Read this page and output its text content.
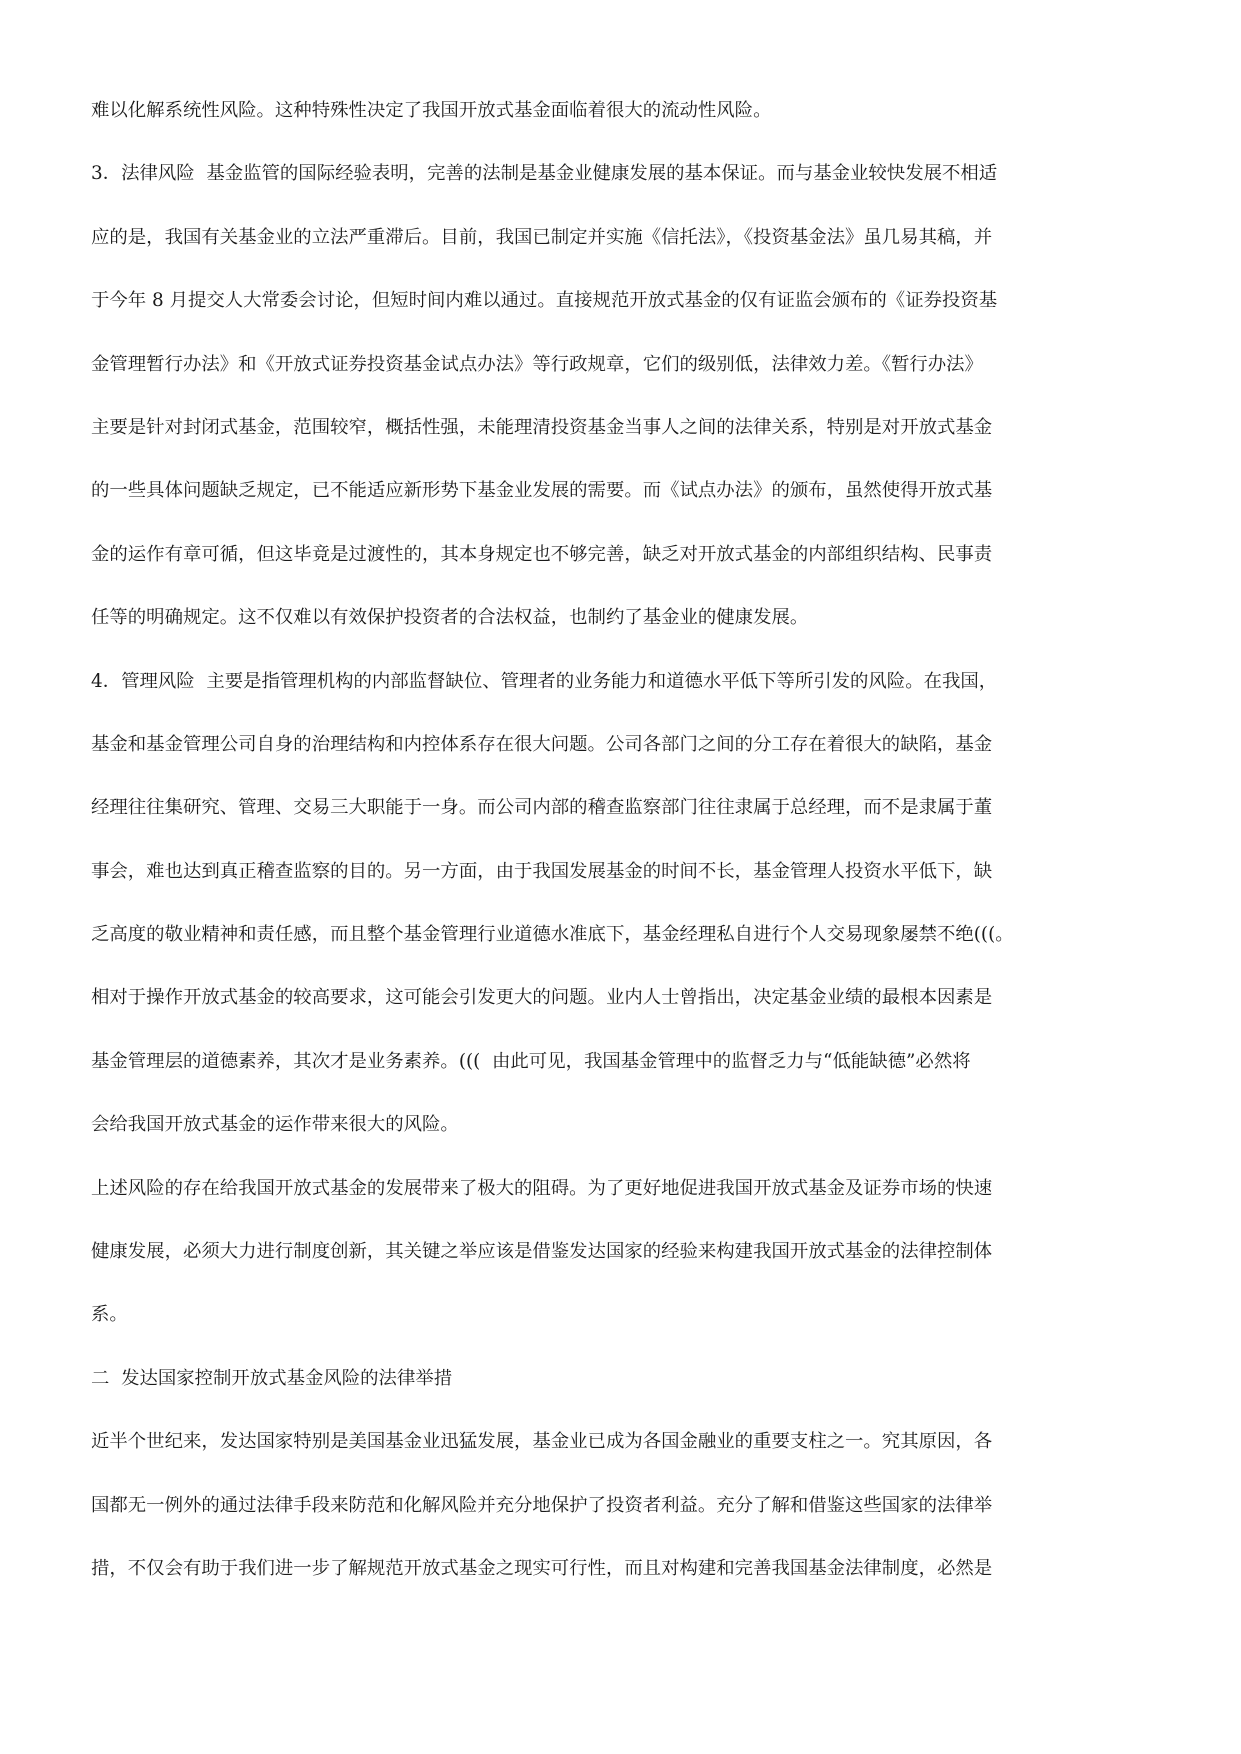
难以化解系统性风险。这种特殊性决定了我国开放式基金面临着很大的流动性风险。
3．法律风险  基金监管的国际经验表明，完善的法制是基金业健康发展的基本保证。而与基金业较快发展不相适
应的是，我国有关基金业的立法严重滞后。目前，我国已制定并实施《信托法》，《投资基金法》虽几易其稿，并
于今年 8 月提交人大常委会讨论，但短时间内难以通过。直接规范开放式基金的仅有证监会颁布的《证券投资基
金管理暂行办法》和《开放式证券投资基金试点办法》等行政规章，它们的级别低，法律效力差。《暂行办法》
主要是针对封闭式基金，范围较窄，概括性强，未能理清投资基金当事人之间的法律关系，特别是对开放式基金
的一些具体问题缺乏规定，已不能适应新形势下基金业发展的需要。而《试点办法》的颁布，虽然使得开放式基
金的运作有章可循，但这毕竟是过渡性的，其本身规定也不够完善，缺乏对开放式基金的内部组织结构、民事责
任等的明确规定。这不仅难以有效保护投资者的合法权益，也制约了基金业的健康发展。
4．管理风险  主要是指管理机构的内部监督缺位、管理者的业务能力和道德水平低下等所引发的风险。在我国，
基金和基金管理公司自身的治理结构和内控体系存在很大问题。公司各部门之间的分工存在着很大的缺陷，基金
经理往往集研究、管理、交易三大职能于一身。而公司内部的稽查监察部门往往隶属于总经理，而不是隶属于董
事会，难也达到真正稽查监察的目的。另一方面，由于我国发展基金的时间不长，基金管理人投资水平低下，缺
乏高度的敬业精神和责任感，而且整个基金管理行业道德水准底下，基金经理私自进行个人交易现象屡禁不绝(((。
相对于操作开放式基金的较高要求，这可能会引发更大的问题。业内人士曾指出，决定基金业绩的最根本因素是
基金管理层的道德素养，其次才是业务素养。(((  由此可见，我国基金管理中的监督乏力与“低能缺德”必然将
会给我国开放式基金的运作带来很大的风险。
上述风险的存在给我国开放式基金的发展带来了极大的阻碍。为了更好地促进我国开放式基金及证券市场的快速
健康发展，必须大力进行制度创新，其关键之举应该是借鉴发达国家的经验来构建我国开放式基金的法律控制体
系。
二  发达国家控制开放式基金风险的法律举措
近半个世纪来，发达国家特别是美国基金业迅猛发展，基金业已成为各国金融业的重要支柱之一。究其原因，各
国都无一例外的通过法律手段来防范和化解风险并充分地保护了投资者利益。充分了解和借鉴这些国家的法律举
措，不仅会有助于我们进一步了解规范开放式基金之现实可行性，而且对构建和完善我国基金法律制度，必然是
